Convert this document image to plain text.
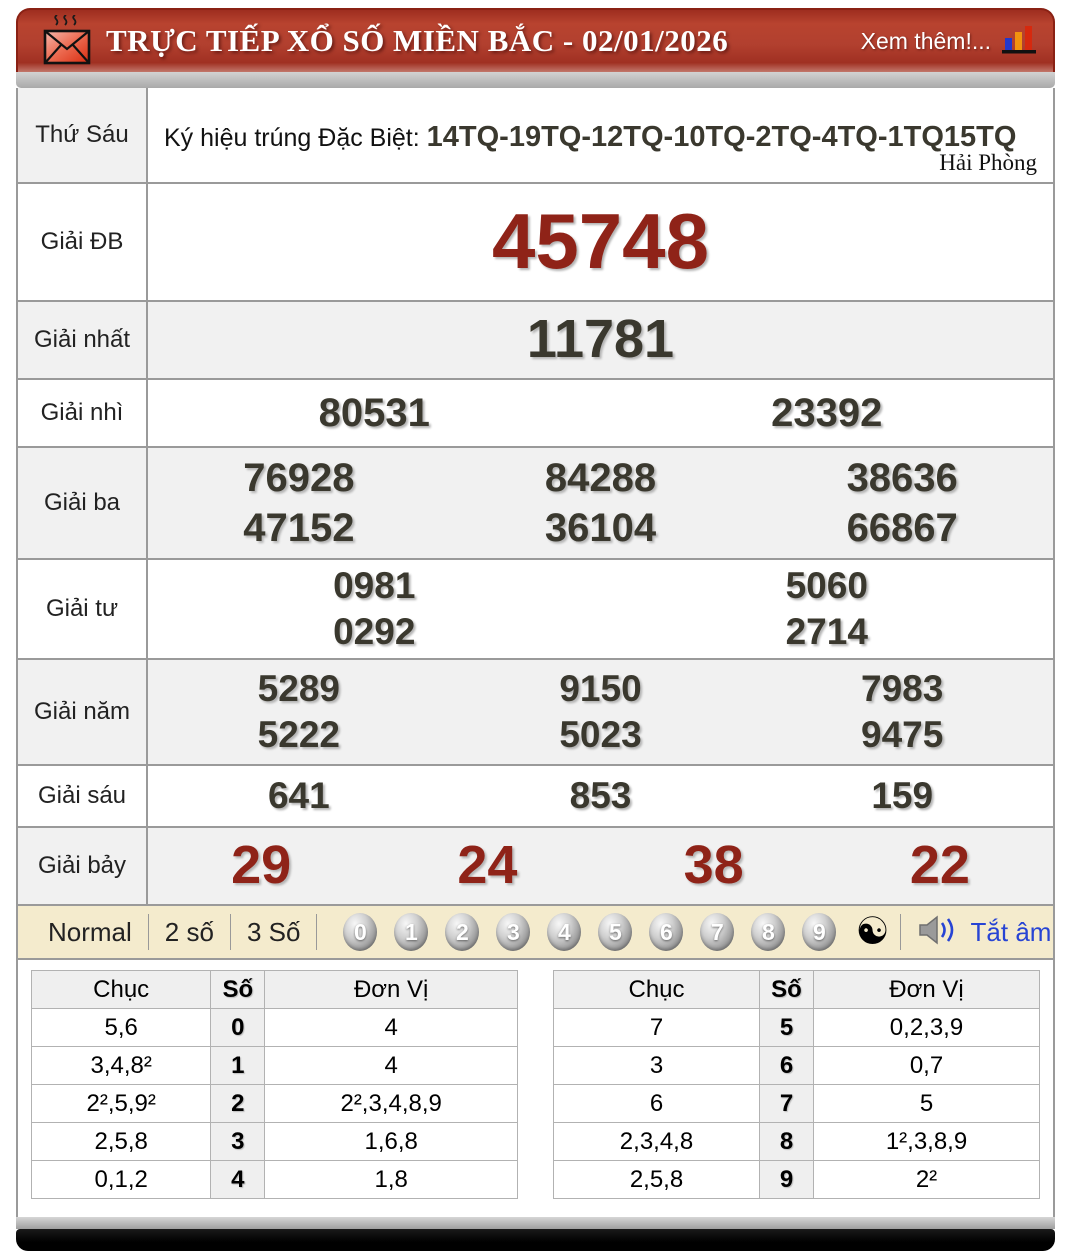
TRỰC TIẾP XỔ SỐ MIỀN BẮC - 02/01/2026	Xem thêm!...
Thứ Sáu	Ký hiệu trúng Đặc Biệt: 14TQ-19TQ-12TQ-10TQ-2TQ-4TQ-1TQ15TQ
Hải Phòng
Giải ĐB	45748
Giải nhất	11781
Giải nhì	80531	23392
Giải ba
76928	84288	38636
47152	36104	66867
Giải tư
0981	5060
0292	2714
Giải năm
5289	9150	7983
5222	5023	9475
Giải sáu	641	853	159
Giải bảy	29	24	38	22
Normal	2 số	3 Số	0	1	2	3	4	5	6	7	8	9 ☯	Tắt âm
Chục	Số	Đơn Vị
5,6	0	4
3,4,8²	1	4
2²,5,9²	2	2²,3,4,8,9
2,5,8	3	1,6,8
0,1,2	4	1,8
Chục	Số	Đơn Vị
7	5	0,2,3,9
3	6	0,7
6	7	5
2,3,4,8	8	1²,3,8,9
2,5,8	9	2²
